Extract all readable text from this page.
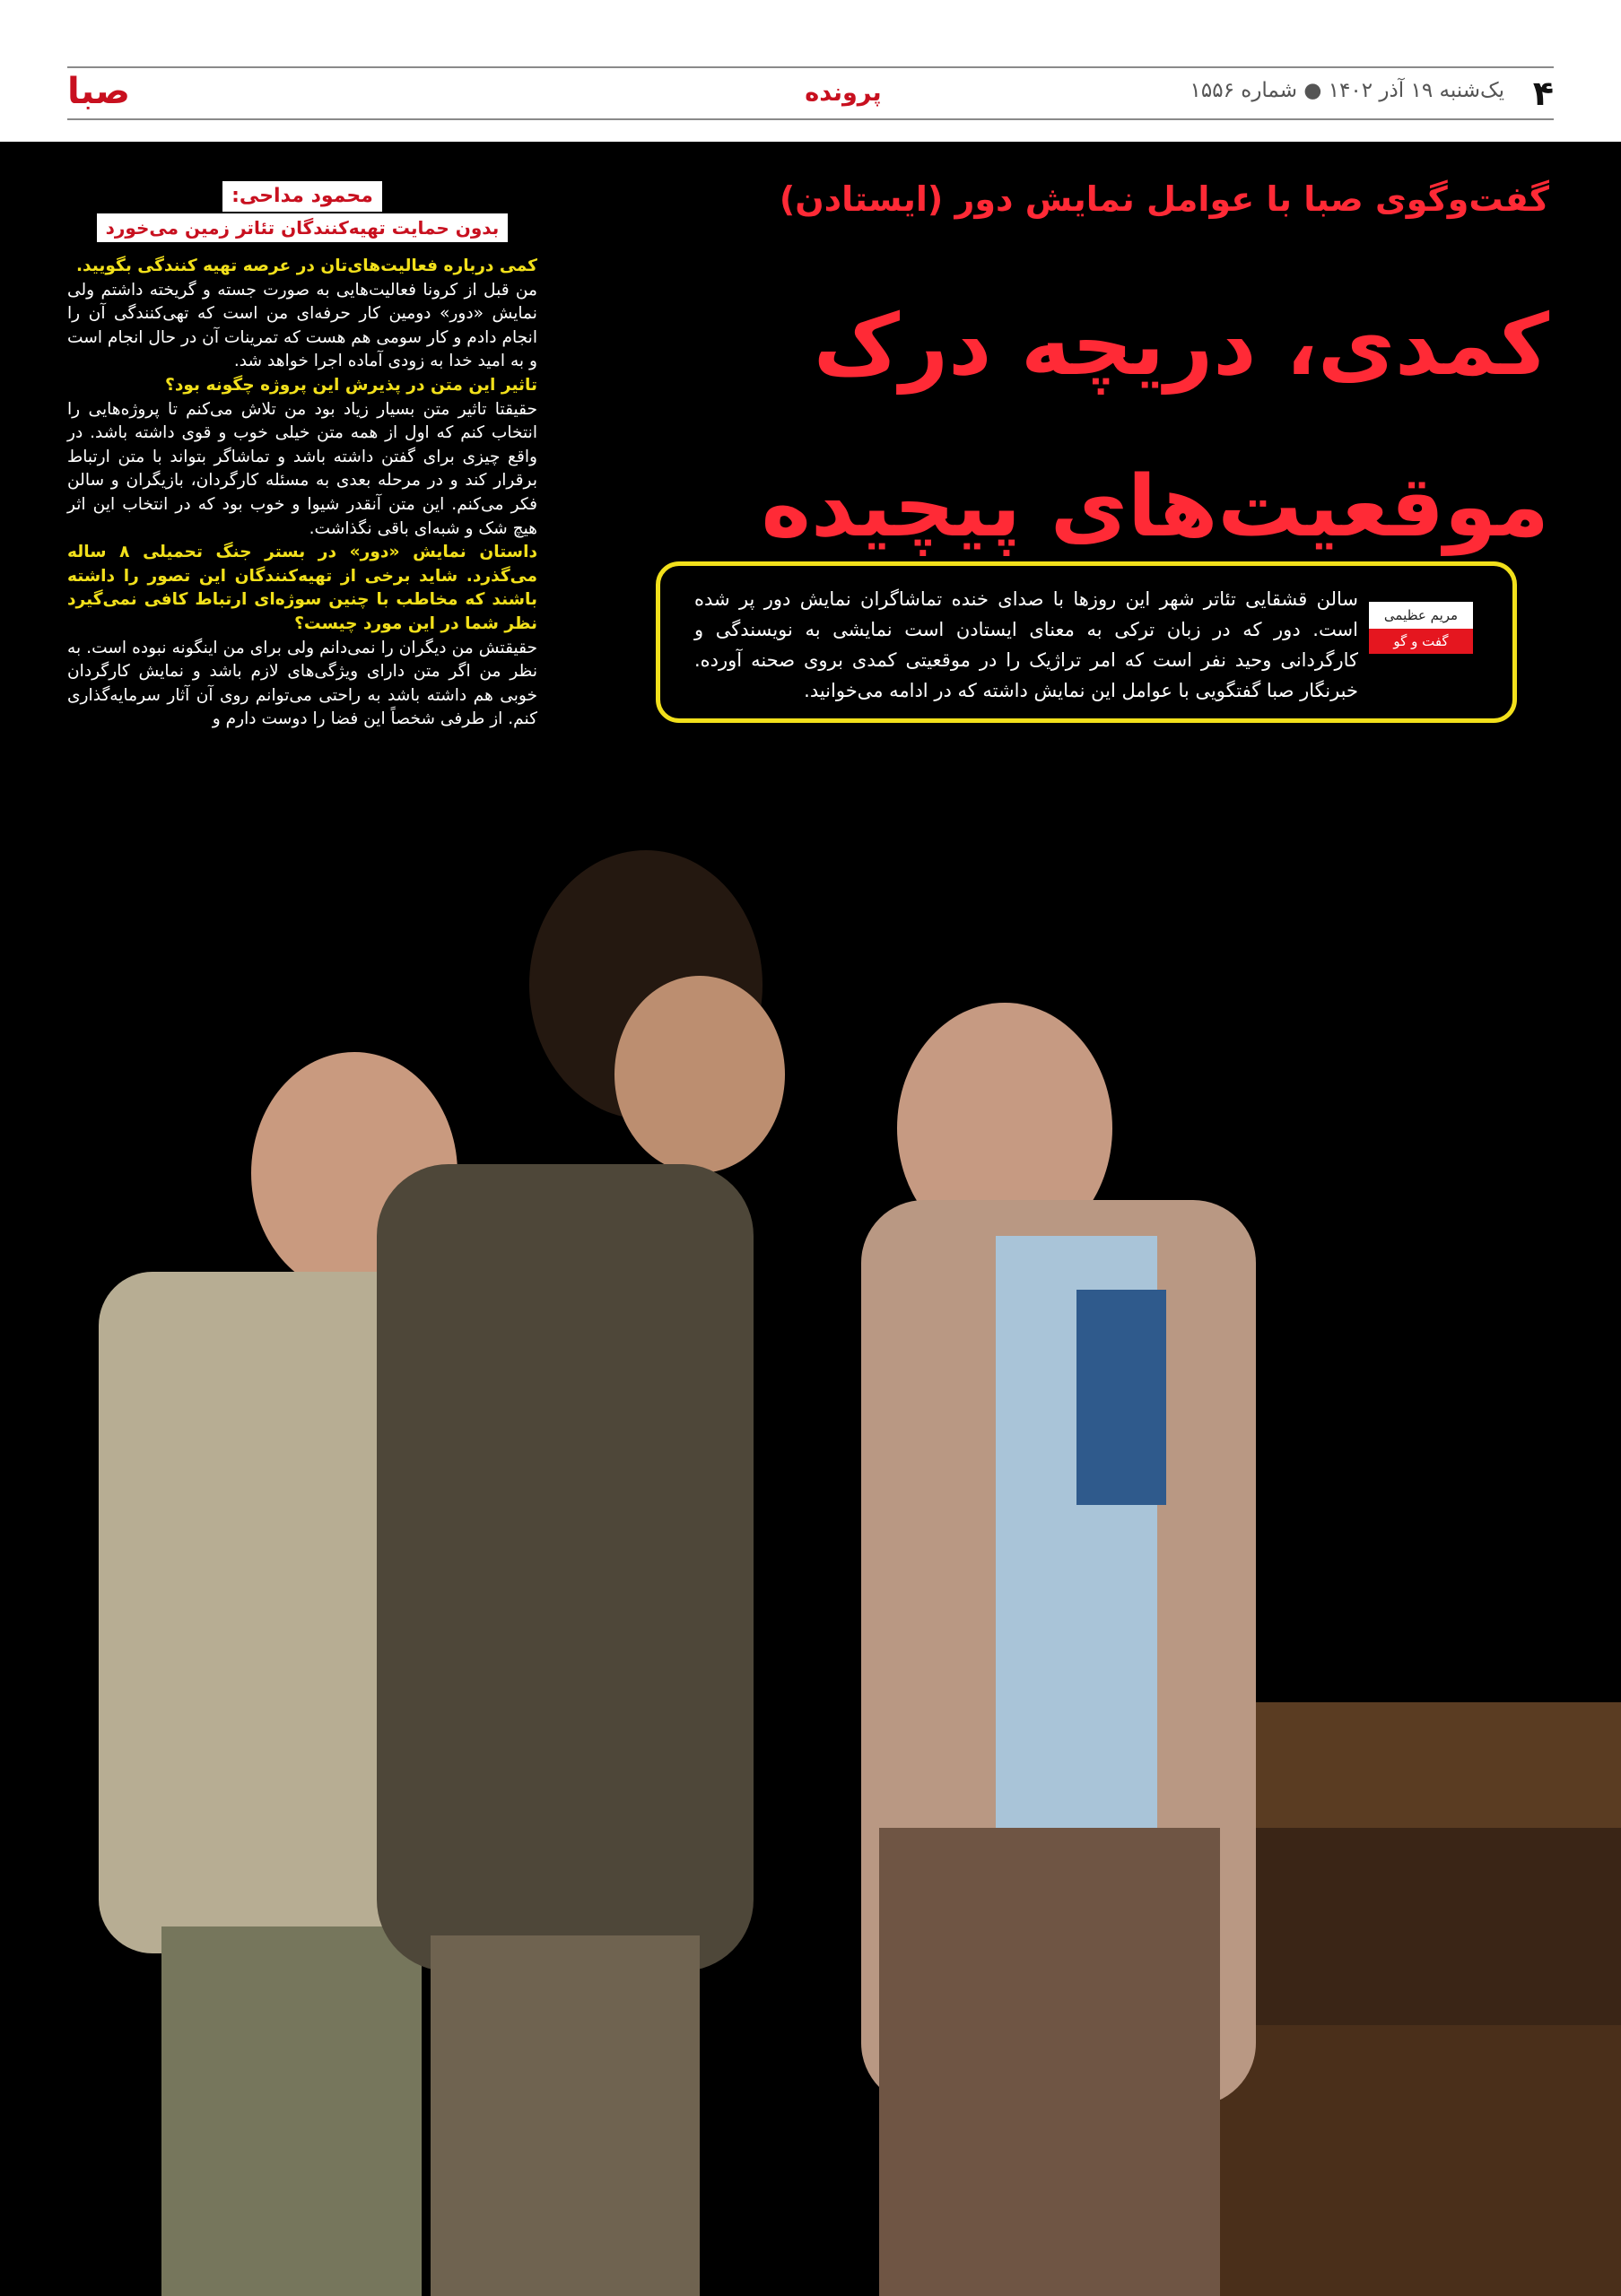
۴
یک‌شنبه ۱۹ آذر ۱۴۰۲ ● شماره ۱۵۵۶
پرونده
صبا
گفت‌وگوی صبا با عوامل نمایش دور (ایستادن)
کمدی، دریچه درک
موقعیت‌های پیچیده
مریم عظیمی
گفت و گو
سالن قشقایی تئاتر شهر این روزها با صدای خنده تماشاگران نمایش دور پر شده است. دور که در زبان ترکی به معنای ایستادن است نمایشی به نویسندگی و کارگردانی وحید نفر است که امر تراژیک را در موقعیتی کمدی بروی صحنه آورده. خبرنگار صبا گفتگویی با عوامل این نمایش داشته که در ادامه می‌خوانید.
محمود مداحی:
بدون حمایت تهیه‌کنندگان تئاتر زمین می‌خورد

کمی درباره فعالیت‌های‌تان در عرصه تهیه کنندگی بگویید.

من قبل از کرونا فعالیت‌هایی به صورت جسته و گریخته داشتم ولی نمایش «دور» دومین کار حرفه‌ای من است که تهی‌کنندگی آن را انجام دادم و کار سومی هم هست که تمرینات آن در حال انجام است و به امید خدا به زودی آماده اجرا خواهد شد.

تاثیر این متن در پذیرش این پروژه چگونه بود؟

حقیقتا تاثیر متن بسیار زیاد بود من تلاش می‌کنم تا پروژه‌هایی را انتخاب کنم که اول از همه متن خیلی خوب و قوی داشته باشد. در واقع چیزی برای گفتن داشته باشد و تماشاگر بتواند با متن ارتباط برقرار کند و در مرحله بعدی به مسئله کارگردان، بازیگران و سالن فکر می‌کنم. این متن آنقدر شیوا و خوب بود که در انتخاب این اثر هیچ شک و شبه‌ای باقی نگذاشت.

داستان نمایش «دور» در بستر جنگ تحمیلی ۸ ساله می‌گذرد. شاید برخی از تهیه‌کنندگان این تصور را داشته باشند که مخاطب با چنین سوژه‌ای ارتباط کافی نمی‌گیرد نظر شما در این مورد چیست؟

حقیقتش من دیگران را نمی‌دانم ولی برای من اینگونه نبوده است. به نظر من اگر متن دارای ویژگی‌های لازم باشد و نمایش کارگردان خوبی هم داشته باشد به راحتی می‌توانم روی آن آثار سرمایه‌گذاری کنم. از طرفی شخصاً این فضا را دوست دارم و
